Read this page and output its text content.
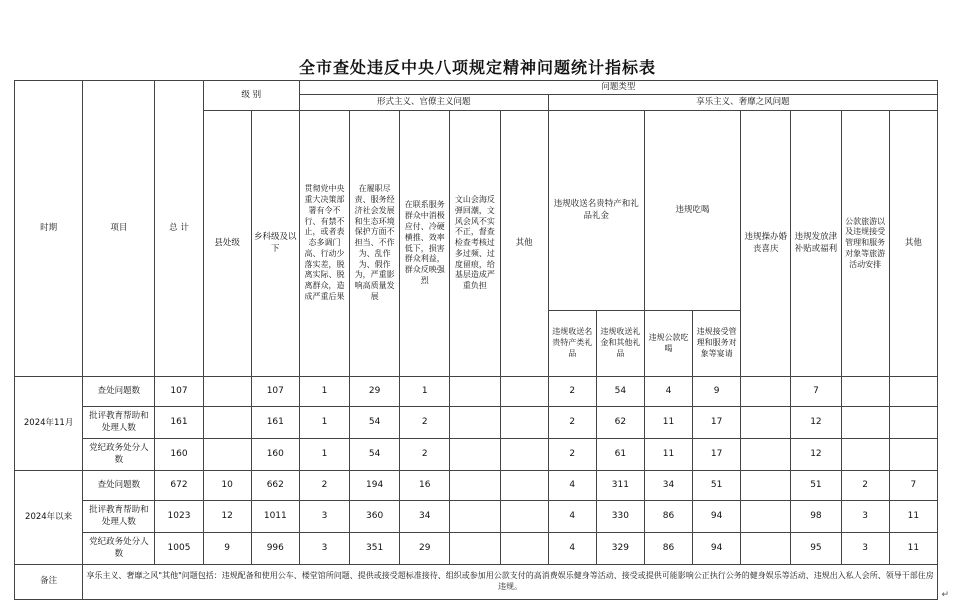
全市查处违反中央八项规定精神问题统计指标表
时期	项目	总 计	级 别		问题类型												
					形式主义、官僚主义问题					享乐主义、奢靡之风问题							
			县处级	乡科级及以下	贯彻党中央重大决策部署有令不行、有禁不止，或者表态多调门高、行动少落实差，脱离实际、脱离群众，造成严重后果	在履职尽责、服务经济社会发展和生态环境保护方面不担当、不作为、乱作为、假作为，严重影响高质量发展	在联系服务群众中消极应付、冷硬横推、效率低下，损害群众利益，群众反映强烈	文山会海反弹回潮，文风会风不实不正，督查检查考核过多过频、过度留痕，给基层造成严重负担	其他	违规收送名贵特产和礼品礼金		违规吃喝		违规操办婚丧喜庆	违规发放津补贴或福利	公款旅游以及违规接受管理和服务对象等旅游活动安排	其他
										违规收送名贵特产类礼品	违规收送礼金和其他礼品	违规公款吃喝	违规接受管理和服务对象等宴请				
2024年11月	查处问题数	107		107	1	29	1			2	54	4	9		7		
	批评教育帮助和处理人数	161		161	1	54	2			2	62	11	17		12		
	党纪政务处分人数	160		160	1	54	2			2	61	11	17		12		
2024年以来	查处问题数	672	10	662	2	194	16			4	311	34	51		51	2	7
	批评教育帮助和处理人数	1023	12	1011	3	360	34			4	330	86	94		98	3	11
	党纪政务处分人数	1005	9	996	3	351	29			4	329	86	94		95	3	11
备注	享乐主义、奢靡之风"其他"问题包括：违规配备和使用公车、楼堂馆所问题、提供或接受超标准接待、组织或参加用公款支付的高消费娱乐健身等活动、接受或提供可能影响公正执行公务的健身娱乐等活动、违规出入私人会所、领导干部住房违规。																
↵
